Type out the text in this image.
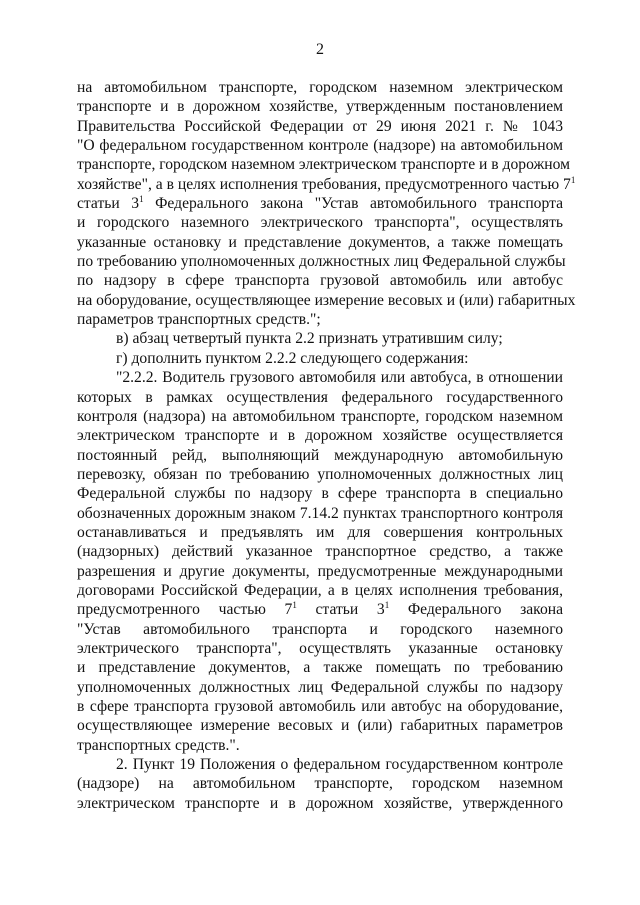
2
на автомобильном транспорте, городском наземном электрическом
транспорте и в дорожном хозяйстве, утвержденным постановлением
Правительства Российской Федерации от 29 июня 2021 г. № 1043
"О федеральном государственном контроле (надзоре) на автомобильном
транспорте, городском наземном электрическом транспорте и в дорожном
хозяйстве", а в целях исполнения требования, предусмотренного частью $7^1$
статьи $3^1$ Федерального закона "Устав автомобильного транспорта
и городского наземного электрического транспорта", осуществлять
указанные остановку и представление документов, а также помещать
по требованию уполномоченных должностных лиц Федеральной службы
по надзору в сфере транспорта грузовой автомобиль или автобус
на оборудование, осуществляющее измерение весовых и (или) габаритных
параметров транспортных средств.";
в) абзац четвертый пункта 2.2 признать утратившим силу;
г) дополнить пунктом 2.2.2 следующего содержания:
"2.2.2. Водитель грузового автомобиля или автобуса, в отношении
которых в рамках осуществления федерального государственного
контроля (надзора) на автомобильном транспорте, городском наземном
электрическом транспорте и в дорожном хозяйстве осуществляется
постоянный рейд, выполняющий международную автомобильную
перевозку, обязан по требованию уполномоченных должностных лиц
Федеральной службы по надзору в сфере транспорта в специально
обозначенных дорожным знаком 7.14.2 пунктах транспортного контроля
останавливаться и предъявлять им для совершения контрольных
(надзорных) действий указанное транспортное средство, а также
разрешения и другие документы, предусмотренные международными
договорами Российской Федерации, а в целях исполнения требования,
предусмотренного частью $7^1$ статьи $3^1$ Федерального закона
"Устав автомобильного транспорта и городского наземного
электрического транспорта", осуществлять указанные остановку
и представление документов, а также помещать по требованию
уполномоченных должностных лиц Федеральной службы по надзору
в сфере транспорта грузовой автомобиль или автобус на оборудование,
осуществляющее измерение весовых и (или) габаритных параметров
транспортных средств.".
2. Пункт 19 Положения о федеральном государственном контроле
(надзоре) на автомобильном транспорте, городском наземном
электрическом транспорте и в дорожном хозяйстве, утвержденного
